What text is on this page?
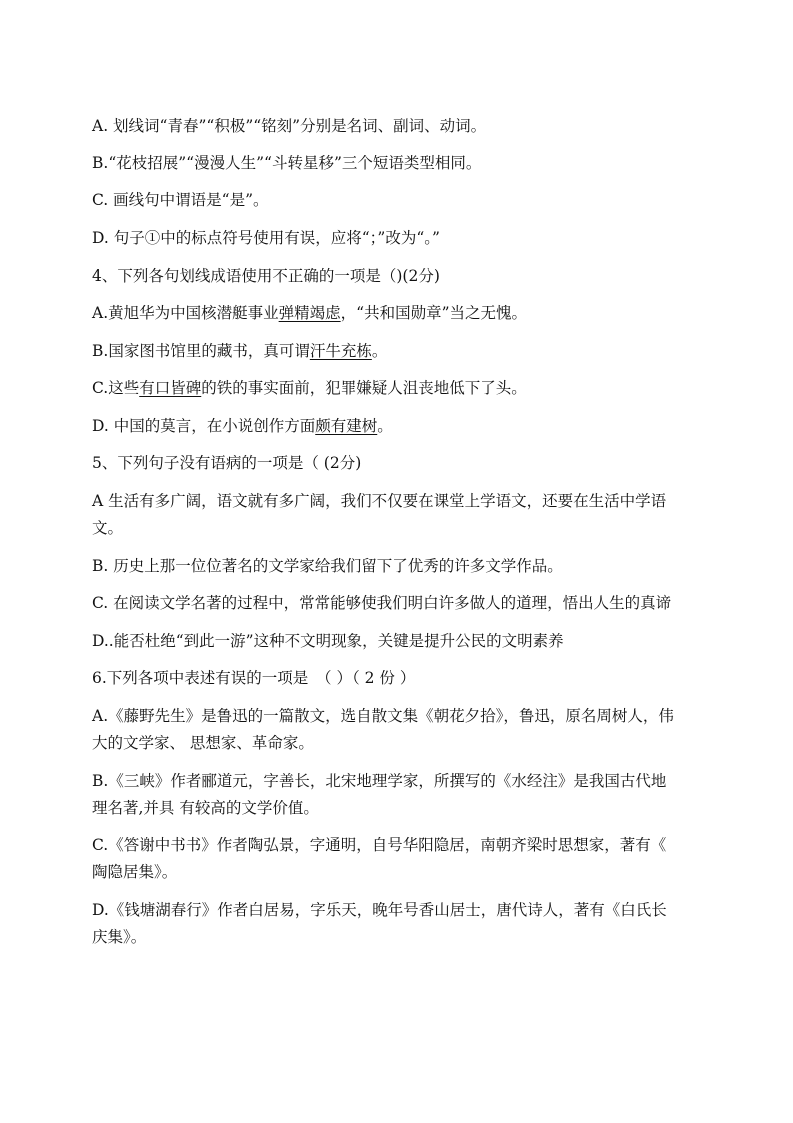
A. 划线词“青春”“积极”“铭刻”分别是名词、副词、动词。
B.“花枝招展”“漫漫人生”“斗转星移”三个短语类型相同。
C. 画线句中谓语是“是”。
D. 句子①中的标点符号使用有误，应将“；”改为“。”
4、下列各句划线成语使用不正确的一项是（)(2分)
A.黄旭华为中国核潜艇事业弹精竭虑，“共和国勋章”当之无愧。
B.国家图书馆里的藏书，真可谓汗牛充栋。
C.这些有口皆碑的铁的事实面前，犯罪嫌疑人沮丧地低下了头。
D. 中国的莫言，在小说创作方面颇有建树。
5、下列句子没有语病的一项是（ (2分)
A 生活有多广阔，语文就有多广阔，我们不仅要在课堂上学语文，还要在生活中学语
文。
B. 历史上那一位位著名的文学家给我们留下了优秀的许多文学作品。
C. 在阅读文学名著的过程中，常常能够使我们明白许多做人的道理，悟出人生的真谛
D..能否杜绝“到此一游”这种不文明现象，关键是提升公民的文明素养
6.下列各项中表述有误的一项是　（ ）（ 2 份 ）
A.《藤野先生》是鲁迅的一篇散文，选自散文集《朝花夕拾》，鲁迅，原名周树人，伟
大的文学家、 思想家、革命家。
B.《三峡》作者郦道元，字善长，北宋地理学家，所撰写的《水经注》是我国古代地
理名著,并具 有较高的文学价值。
C.《答谢中书书》作者陶弘景，字通明，自号华阳隐居，南朝齐梁时思想家，著有《
陶隐居集》。
D.《钱塘湖春行》作者白居易，字乐天，晚年号香山居士，唐代诗人，著有《白氏长
庆集》。
